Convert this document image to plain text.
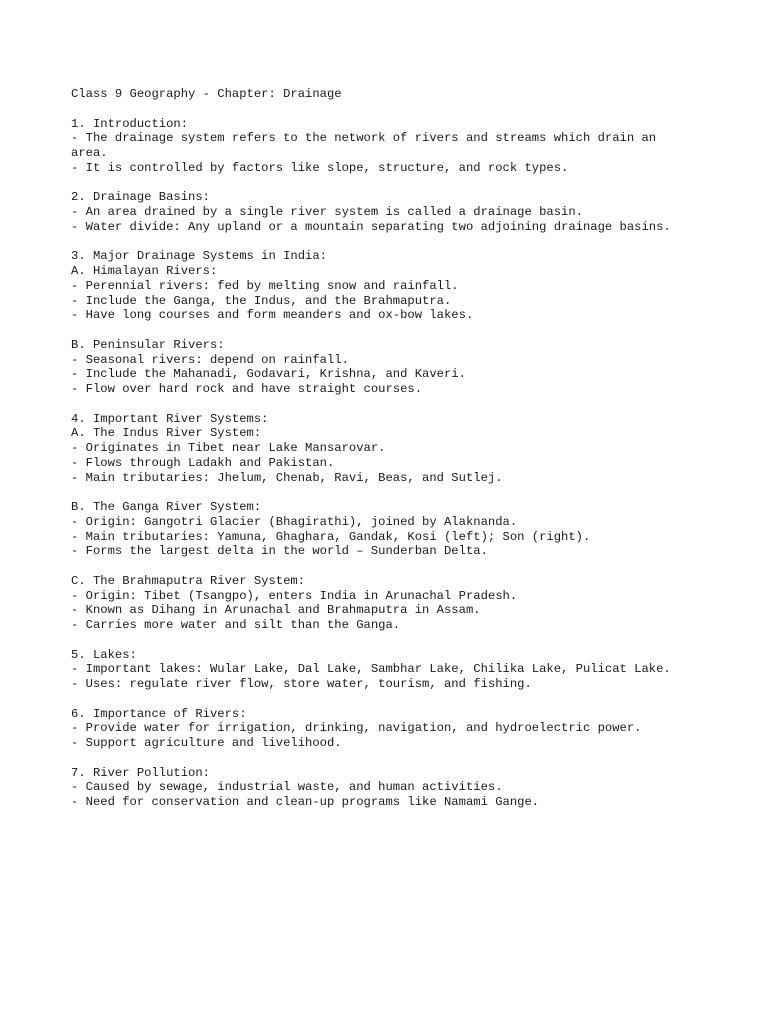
Class 9 Geography - Chapter: Drainage
1. Introduction:
- The drainage system refers to the network of rivers and streams which drain an
area.
- It is controlled by factors like slope, structure, and rock types.
2. Drainage Basins:
- An area drained by a single river system is called a drainage basin.
- Water divide: Any upland or a mountain separating two adjoining drainage basins.
3. Major Drainage Systems in India:
A. Himalayan Rivers:
- Perennial rivers: fed by melting snow and rainfall.
- Include the Ganga, the Indus, and the Brahmaputra.
- Have long courses and form meanders and ox-bow lakes.
B. Peninsular Rivers:
- Seasonal rivers: depend on rainfall.
- Include the Mahanadi, Godavari, Krishna, and Kaveri.
- Flow over hard rock and have straight courses.
4. Important River Systems:
A. The Indus River System:
- Originates in Tibet near Lake Mansarovar.
- Flows through Ladakh and Pakistan.
- Main tributaries: Jhelum, Chenab, Ravi, Beas, and Sutlej.
B. The Ganga River System:
- Origin: Gangotri Glacier (Bhagirathi), joined by Alaknanda.
- Main tributaries: Yamuna, Ghaghara, Gandak, Kosi (left); Son (right).
- Forms the largest delta in the world – Sunderban Delta.
C. The Brahmaputra River System:
- Origin: Tibet (Tsangpo), enters India in Arunachal Pradesh.
- Known as Dihang in Arunachal and Brahmaputra in Assam.
- Carries more water and silt than the Ganga.
5. Lakes:
- Important lakes: Wular Lake, Dal Lake, Sambhar Lake, Chilika Lake, Pulicat Lake.
- Uses: regulate river flow, store water, tourism, and fishing.
6. Importance of Rivers:
- Provide water for irrigation, drinking, navigation, and hydroelectric power.
- Support agriculture and livelihood.
7. River Pollution:
- Caused by sewage, industrial waste, and human activities.
- Need for conservation and clean-up programs like Namami Gange.
